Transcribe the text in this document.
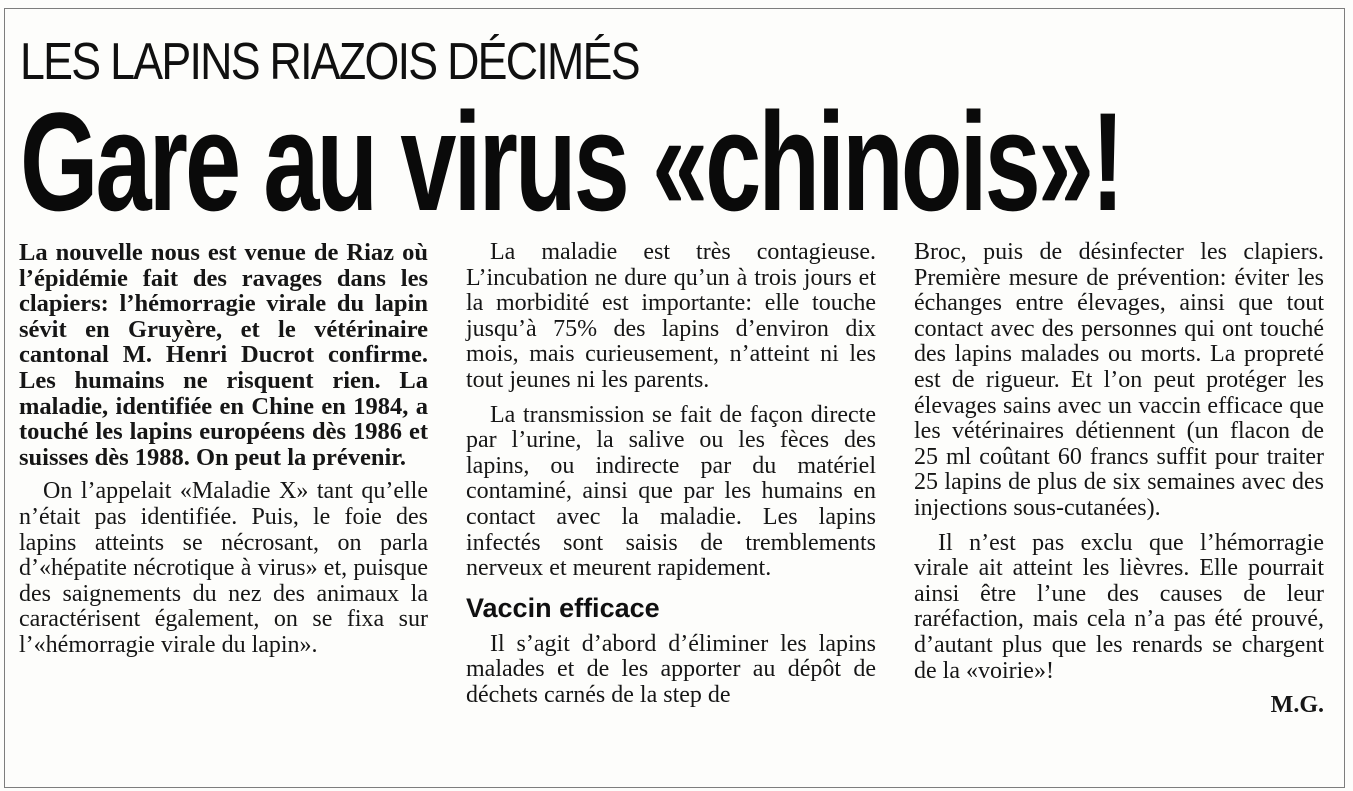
LES LAPINS RIAZOIS DÉCIMÉS
Gare au virus «chinois»!

La nouvelle nous est venue de Riaz où l’épidémie fait des ravages dans les clapiers: l’hémorragie virale du lapin sévit en Gruyère, et le vétérinaire cantonal M. Henri Ducrot confirme. Les humains ne risquent rien. La maladie, identifiée en Chine en 1984, a touché les lapins européens dès 1986 et suisses dès 1988. On peut la prévenir.

On l’appelait «Maladie X» tant qu’elle n’était pas identifiée. Puis, le foie des lapins atteints se nécrosant, on parla d’«hépatite nécrotique à virus» et, puisque des saignements du nez des animaux la caractérisent également, on se fixa sur l’«hémorragie virale du lapin».

La maladie est très contagieuse. L’incubation ne dure qu’un à trois jours et la morbidité est importante: elle touche jusqu’à 75% des lapins d’environ dix mois, mais curieusement, n’atteint ni les tout jeunes ni les parents.

La transmission se fait de façon directe par l’urine, la salive ou les fèces des lapins, ou indirecte par du matériel contaminé, ainsi que par les humains en contact avec la maladie. Les lapins infectés sont saisis de tremblements nerveux et meurent rapidement.

Vaccin efficace

Il s’agit d’abord d’éliminer les lapins malades et de les apporter au dépôt de déchets carnés de la step de

Broc, puis de désinfecter les clapiers. Première mesure de prévention: éviter les échanges entre élevages, ainsi que tout contact avec des personnes qui ont touché des lapins malades ou morts. La propreté est de rigueur. Et l’on peut protéger les élevages sains avec un vaccin efficace que les vétérinaires détiennent (un flacon de 25 ml coûtant 60 francs suffit pour traiter 25 lapins de plus de six semaines avec des injections sous-cutanées).

Il n’est pas exclu que l’hémorragie virale ait atteint les lièvres. Elle pourrait ainsi être l’une des causes de leur raréfaction, mais cela n’a pas été prouvé, d’autant plus que les renards se chargent de la «voirie»!

M.G.
